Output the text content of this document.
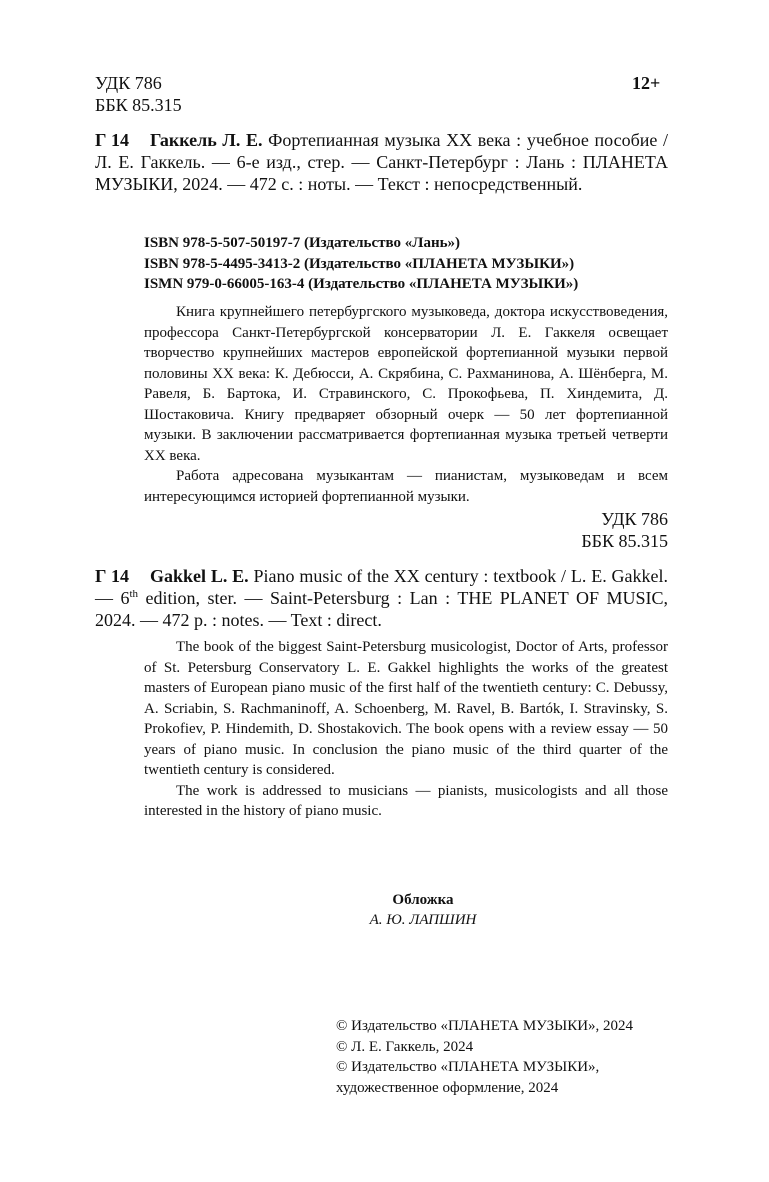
УДК 786
ББК 85.315
12+
Г 14	Гаккель Л. Е. Фортепианная музыка XX века : учебное пособие / Л. Е. Гаккель. — 6-е изд., стер. — Санкт-Петербург : Лань : ПЛАНЕТА МУЗЫКИ, 2024. — 472 с. : ноты. — Текст : непосредственный.
ISBN 978-5-507-50197-7 (Издательство «Лань»)
ISBN 978-5-4495-3413-2 (Издательство «ПЛАНЕТА МУЗЫКИ»)
ISMN 979-0-66005-163-4 (Издательство «ПЛАНЕТА МУЗЫКИ»)

Книга крупнейшего петербургского музыковеда, доктора искусствоведения, профессора Санкт-Петербургской консерватории Л. Е. Гаккеля освещает творчество крупнейших мастеров европейской фортепианной музыки первой половины XX века: К. Дебюсси, А. Скрябина, С. Рахманинова, А. Шёнберга, М. Равеля, Б. Бартока, И. Стравинского, С. Прокофьева, П. Хиндемита, Д. Шостаковича. Книгу предваряет обзорный очерк — 50 лет фортепианной музыки. В заключении рассматривается фортепианная музыка третьей четверти XX века.

Работа адресована музыкантам — пианистам, музыковедам и всем интересующимся историей фортепианной музыки.

УДК 786
ББК 85.315
Г 14	Gakkel L. E. Piano music of the XX century : textbook / L. E. Gakkel. — 6th edition, ster. — Saint-Petersburg : Lan : THE PLANET OF MUSIC, 2024. — 472 p. : notes. — Text : direct.

The book of the biggest Saint-Petersburg musicologist, Doctor of Arts, professor of St. Petersburg Conservatory L. E. Gakkel highlights the works of the greatest masters of European piano music of the first half of the twentieth century: C. Debussy, A. Scriabin, S. Rachmaninoff, A. Schoenberg, M. Ravel, B. Bartók, I. Stravinsky, S. Prokofiev, P. Hindemith, D. Shostakovich. The book opens with a review essay — 50 years of piano music. In conclusion the piano music of the third quarter of the twentieth century is considered.

The work is addressed to musicians — pianists, musicologists and all those interested in the history of piano music.

Обложка
А. Ю. ЛАПШИН
© Издательство «ПЛАНЕТА МУЗЫКИ», 2024
© Л. Е. Гаккель, 2024
© Издательство «ПЛАНЕТА МУЗЫКИ»,
художественное оформление, 2024
